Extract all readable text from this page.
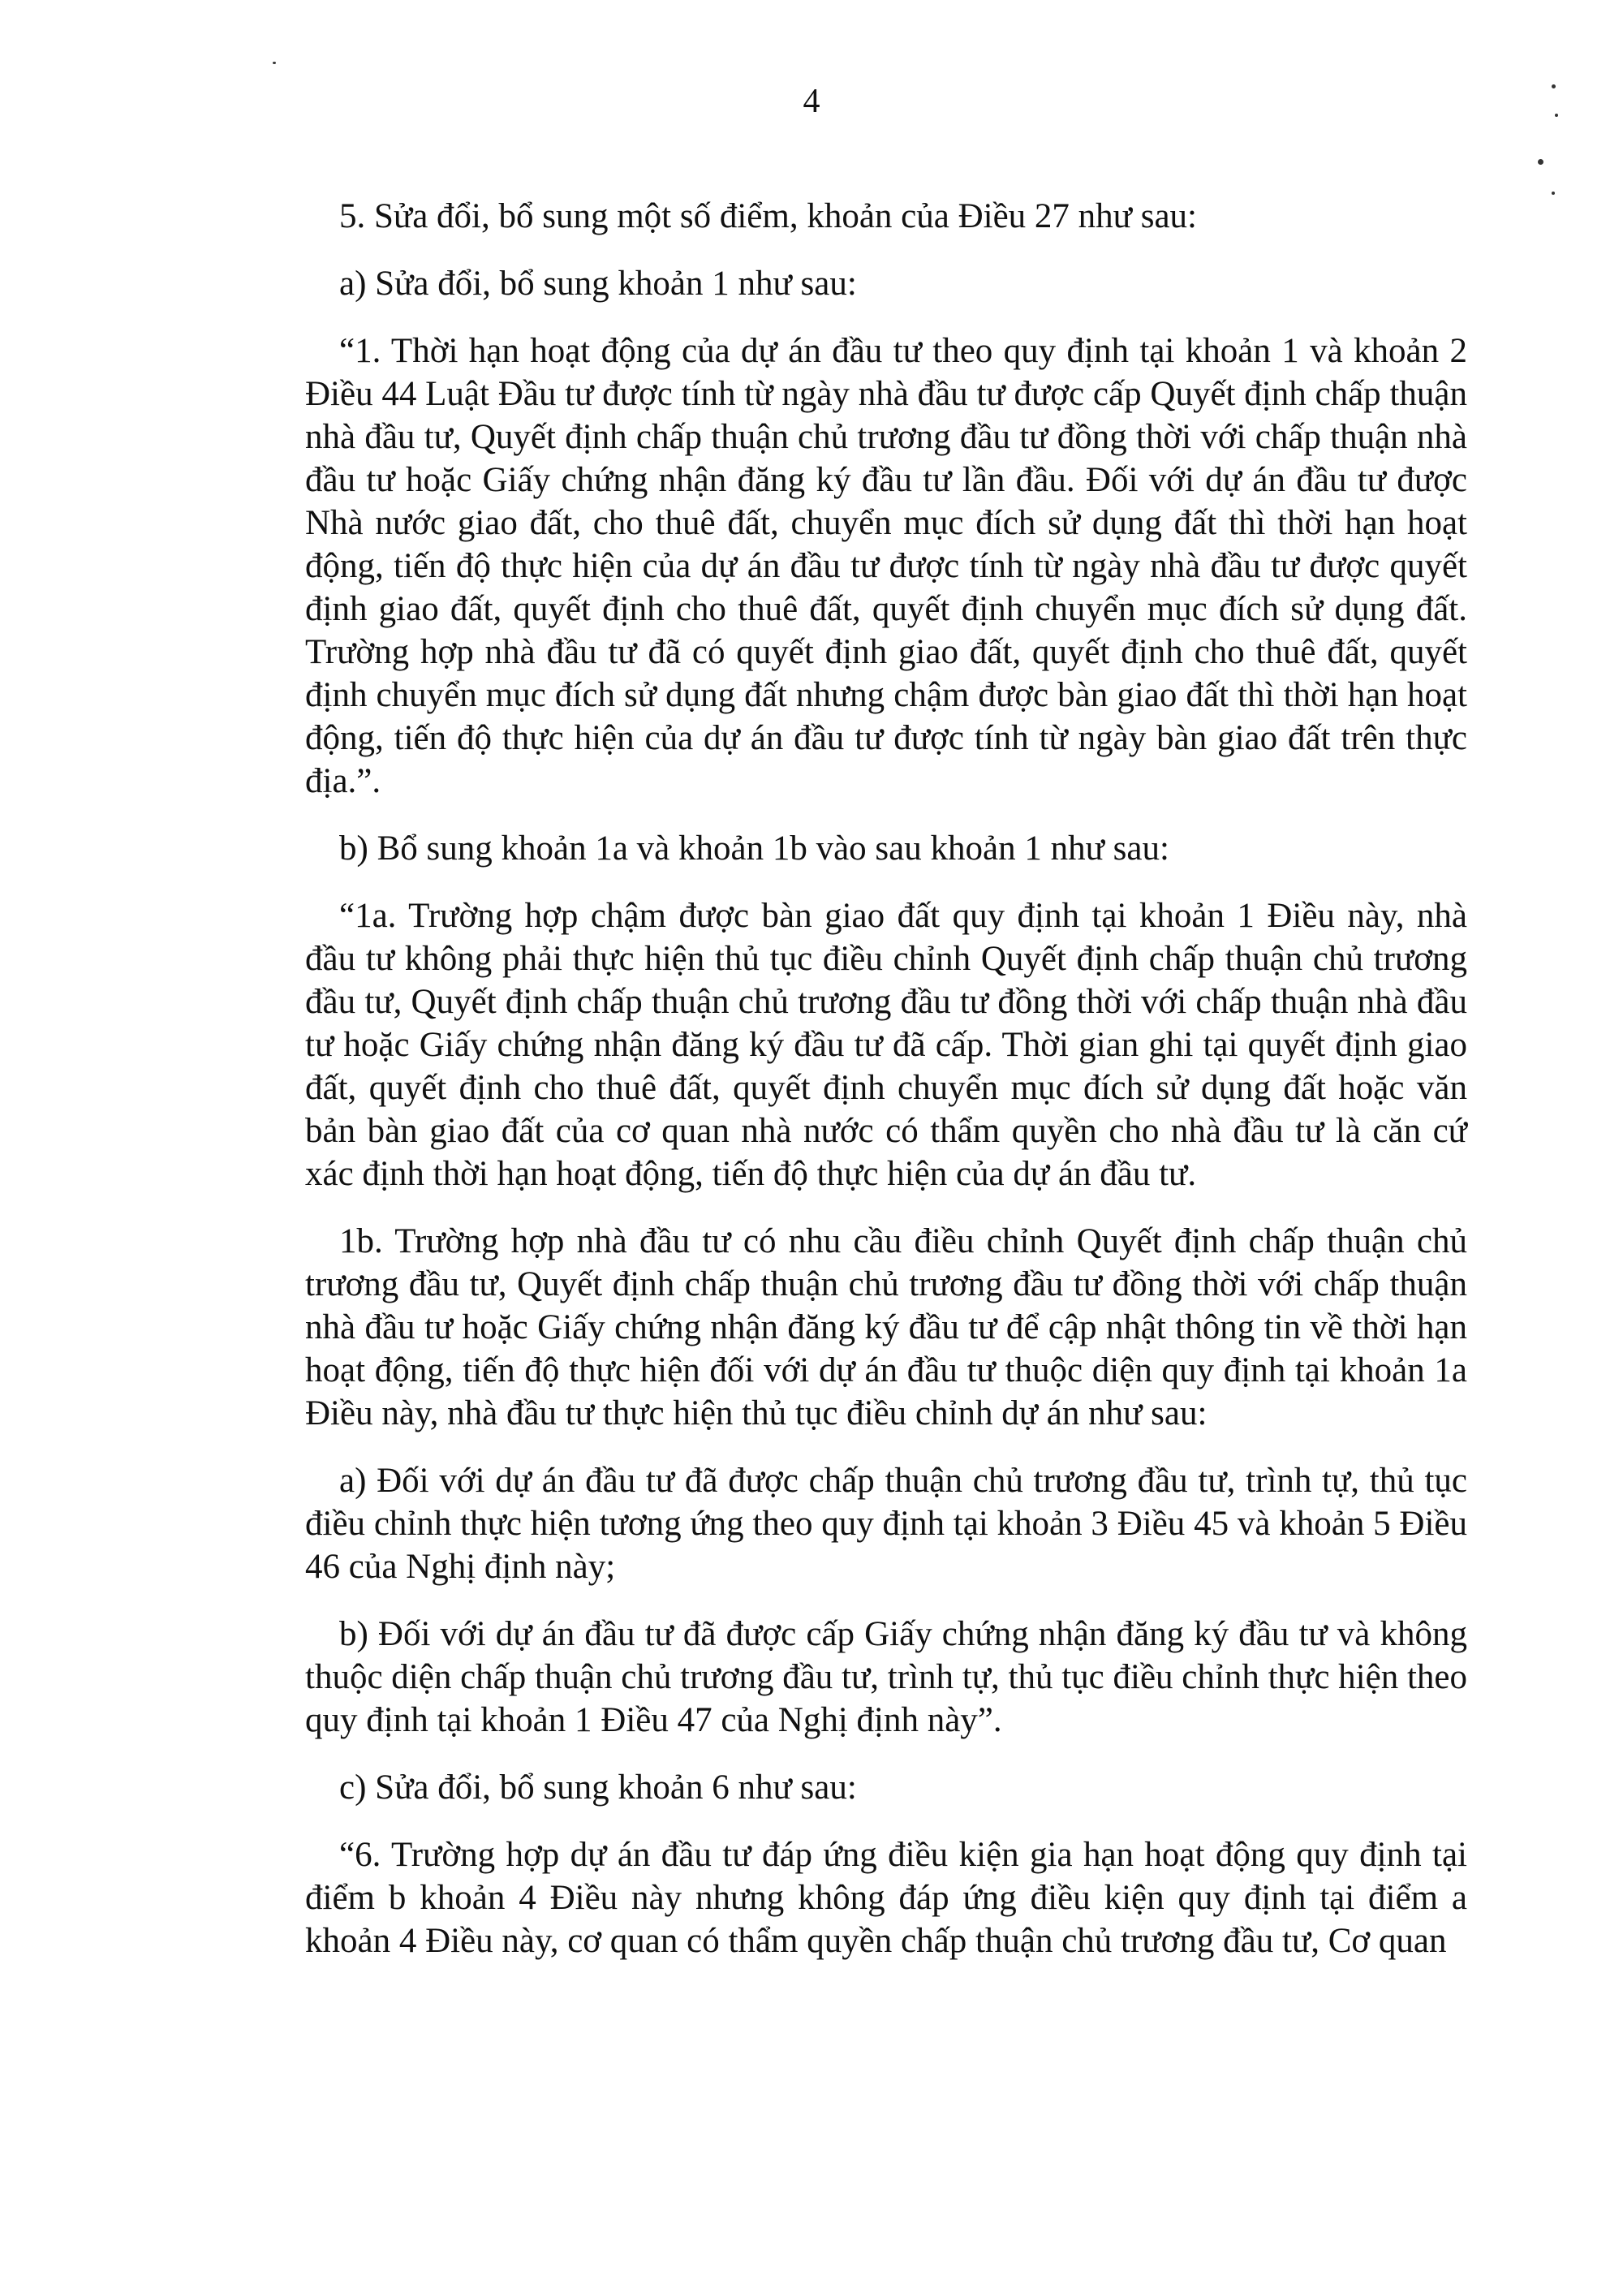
4

5. Sửa đổi, bổ sung một số điểm, khoản của Điều 27 như sau:

a) Sửa đổi, bổ sung khoản 1 như sau:

“1. Thời hạn hoạt động của dự án đầu tư theo quy định tại khoản 1 và khoản 2 Điều 44 Luật Đầu tư được tính từ ngày nhà đầu tư được cấp Quyết định chấp thuận nhà đầu tư, Quyết định chấp thuận chủ trương đầu tư đồng thời với chấp thuận nhà đầu tư hoặc Giấy chứng nhận đăng ký đầu tư lần đầu. Đối với dự án đầu tư được Nhà nước giao đất, cho thuê đất, chuyển mục đích sử dụng đất thì thời hạn hoạt động, tiến độ thực hiện của dự án đầu tư được tính từ ngày nhà đầu tư được quyết định giao đất, quyết định cho thuê đất, quyết định chuyển mục đích sử dụng đất. Trường hợp nhà đầu tư đã có quyết định giao đất, quyết định cho thuê đất, quyết định chuyển mục đích sử dụng đất nhưng chậm được bàn giao đất thì thời hạn hoạt động, tiến độ thực hiện của dự án đầu tư được tính từ ngày bàn giao đất trên thực địa.”.

b) Bổ sung khoản 1a và khoản 1b vào sau khoản 1 như sau:

“1a. Trường hợp chậm được bàn giao đất quy định tại khoản 1 Điều này, nhà đầu tư không phải thực hiện thủ tục điều chỉnh Quyết định chấp thuận chủ trương đầu tư, Quyết định chấp thuận chủ trương đầu tư đồng thời với chấp thuận nhà đầu tư hoặc Giấy chứng nhận đăng ký đầu tư đã cấp. Thời gian ghi tại quyết định giao đất, quyết định cho thuê đất, quyết định chuyển mục đích sử dụng đất hoặc văn bản bàn giao đất của cơ quan nhà nước có thẩm quyền cho nhà đầu tư là căn cứ xác định thời hạn hoạt động, tiến độ thực hiện của dự án đầu tư.

1b. Trường hợp nhà đầu tư có nhu cầu điều chỉnh Quyết định chấp thuận chủ trương đầu tư, Quyết định chấp thuận chủ trương đầu tư đồng thời với chấp thuận nhà đầu tư hoặc Giấy chứng nhận đăng ký đầu tư để cập nhật thông tin về thời hạn hoạt động, tiến độ thực hiện đối với dự án đầu tư thuộc diện quy định tại khoản 1a Điều này, nhà đầu tư thực hiện thủ tục điều chỉnh dự án như sau:

a) Đối với dự án đầu tư đã được chấp thuận chủ trương đầu tư, trình tự, thủ tục điều chỉnh thực hiện tương ứng theo quy định tại khoản 3 Điều 45 và khoản 5 Điều 46 của Nghị định này;

b) Đối với dự án đầu tư đã được cấp Giấy chứng nhận đăng ký đầu tư và không thuộc diện chấp thuận chủ trương đầu tư, trình tự, thủ tục điều chỉnh thực hiện theo quy định tại khoản 1 Điều 47 của Nghị định này”.

c) Sửa đổi, bổ sung khoản 6 như sau:

“6. Trường hợp dự án đầu tư đáp ứng điều kiện gia hạn hoạt động quy định tại điểm b khoản 4 Điều này nhưng không đáp ứng điều kiện quy định tại điểm a khoản 4 Điều này, cơ quan có thẩm quyền chấp thuận chủ trương đầu tư, Cơ quan
